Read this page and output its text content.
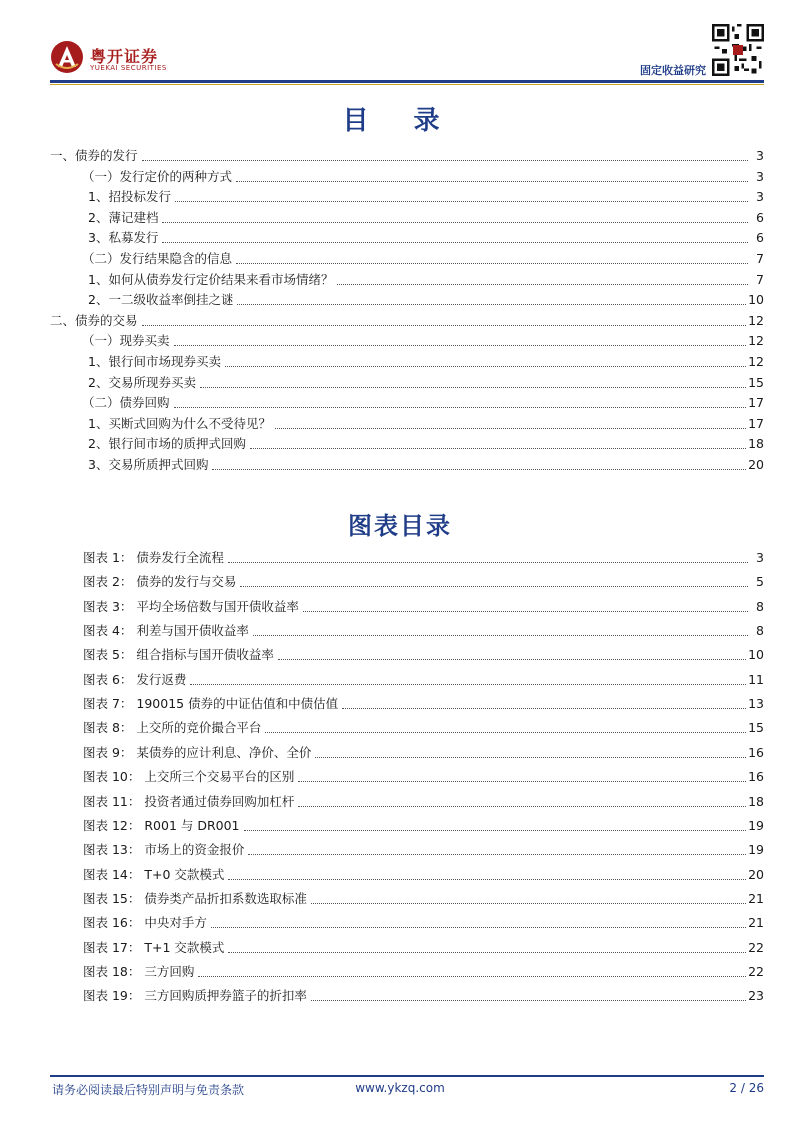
粤开证券
YUEKAI SECURITIES	固定收益研究
目 录
一、债券的发行	3
（一）发行定价的两种方式	3
1、招投标发行	3
2、薄记建档	6
3、私募发行	6
（二）发行结果隐含的信息	7
1、如何从债券发行定价结果来看市场情绪？	7
2、一二级收益率倒挂之谜	10
二、债券的交易	12
（一）现券买卖	12
1、银行间市场现券买卖	12
2、交易所现券买卖	15
（二）债券回购	17
1、买断式回购为什么不受待见？	17
2、银行间市场的质押式回购	18
3、交易所质押式回购	20
图表目录
图表 1： 债券发行全流程	3
图表 2： 债券的发行与交易	5
图表 3： 平均全场倍数与国开债收益率	8
图表 4： 利差与国开债收益率	8
图表 5： 组合指标与国开债收益率	10
图表 6： 发行返费	11
图表 7： 190015 债券的中证估值和中债估值	13
图表 8： 上交所的竞价撮合平台	15
图表 9： 某债券的应计利息、净价、全价	16
图表 10： 上交所三个交易平台的区别	16
图表 11： 投资者通过债券回购加杠杆	18
图表 12： R001 与 DR001	19
图表 13： 市场上的资金报价	19
图表 14： T+0 交款模式	20
图表 15： 债券类产品折扣系数选取标准	21
图表 16： 中央对手方	21
图表 17： T+1 交款模式	22
图表 18： 三方回购	22
图表 19： 三方回购质押券篮子的折扣率	23
请务必阅读最后特别声明与免责条款	www.ykzq.com	2 / 26
